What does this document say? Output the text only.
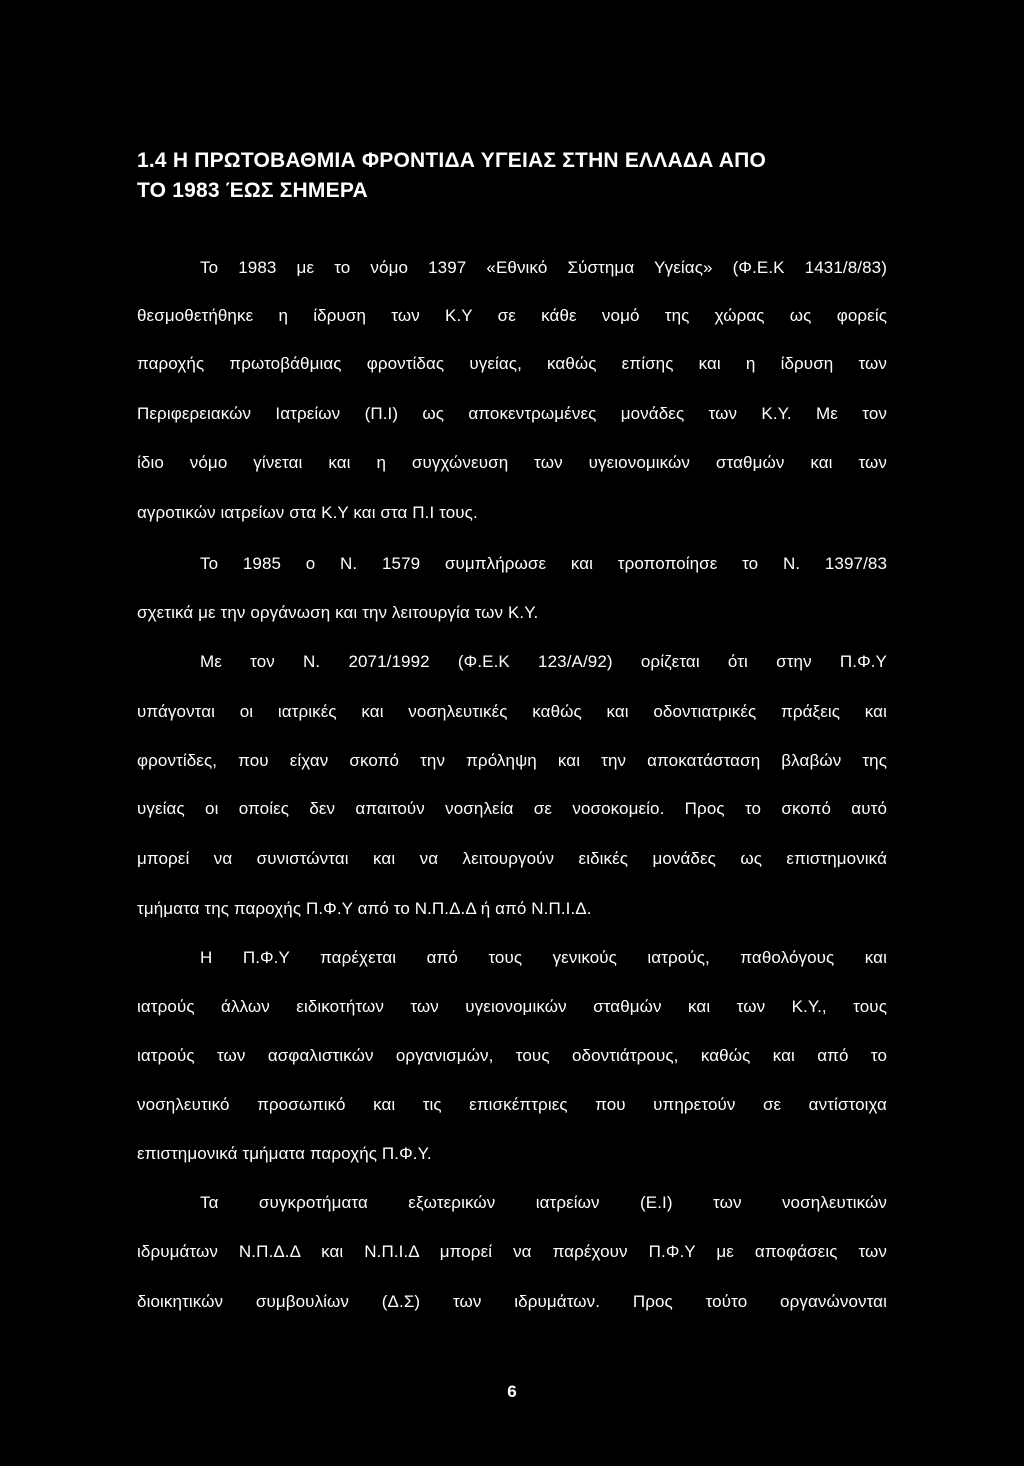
1.4 Η ΠΡΩΤΟΒΑΘΜΙΑ ΦΡΟΝΤΙΔΑ ΥΓΕΙΑΣ ΣΤΗΝ ΕΛΛΑΔΑ ΑΠΟ
ΤΟ 1983 ΈΩΣ ΣΗΜΕΡΑ
Το 1983 με το νόμο 1397 «Εθνικό Σύστημα Υγείας» (Φ.Ε.Κ 1431/8/83)
θεσμοθετήθηκε η ίδρυση των Κ.Υ σε κάθε νομό της χώρας ως φορείς
παροχής πρωτοβάθμιας φροντίδας υγείας, καθώς επίσης και η ίδρυση των
Περιφερειακών Ιατρείων (Π.Ι) ως αποκεντρωμένες μονάδες των Κ.Υ. Με τον
ίδιο νόμο γίνεται και η συγχώνευση των υγειονομικών σταθμών και των
αγροτικών ιατρείων στα Κ.Υ και στα Π.Ι τους.
Το 1985 ο Ν. 1579 συμπλήρωσε και τροποποίησε το Ν. 1397/83
σχετικά με την οργάνωση και την λειτουργία των Κ.Υ.
Με τον Ν. 2071/1992 (Φ.Ε.Κ 123/Α/92) ορίζεται ότι στην Π.Φ.Υ
υπάγονται οι ιατρικές και νοσηλευτικές καθώς και οδοντιατρικές πράξεις και
φροντίδες, που είχαν σκοπό την πρόληψη και την αποκατάσταση βλαβών της
υγείας οι οποίες δεν απαιτούν νοσηλεία σε νοσοκομείο. Προς το σκοπό αυτό
μπορεί να συνιστώνται και να λειτουργούν ειδικές μονάδες ως επιστημονικά
τμήματα της παροχής Π.Φ.Υ από το Ν.Π.Δ.Δ ή από Ν.Π.Ι.Δ.
Η Π.Φ.Υ παρέχεται από τους γενικούς ιατρούς, παθολόγους και
ιατρούς άλλων ειδικοτήτων των υγειονομικών σταθμών και των Κ.Υ., τους
ιατρούς των ασφαλιστικών οργανισμών, τους οδοντιάτρους, καθώς και από το
νοσηλευτικό προσωπικό και τις επισκέπτριες που υπηρετούν σε αντίστοιχα
επιστημονικά τμήματα παροχής Π.Φ.Υ.
Τα συγκροτήματα εξωτερικών ιατρείων (Ε.Ι) των νοσηλευτικών
ιδρυμάτων Ν.Π.Δ.Δ και Ν.Π.Ι.Δ μπορεί να παρέχουν Π.Φ.Υ με αποφάσεις των
διοικητικών συμβουλίων (Δ.Σ) των ιδρυμάτων. Προς τούτο οργανώνονται
6
